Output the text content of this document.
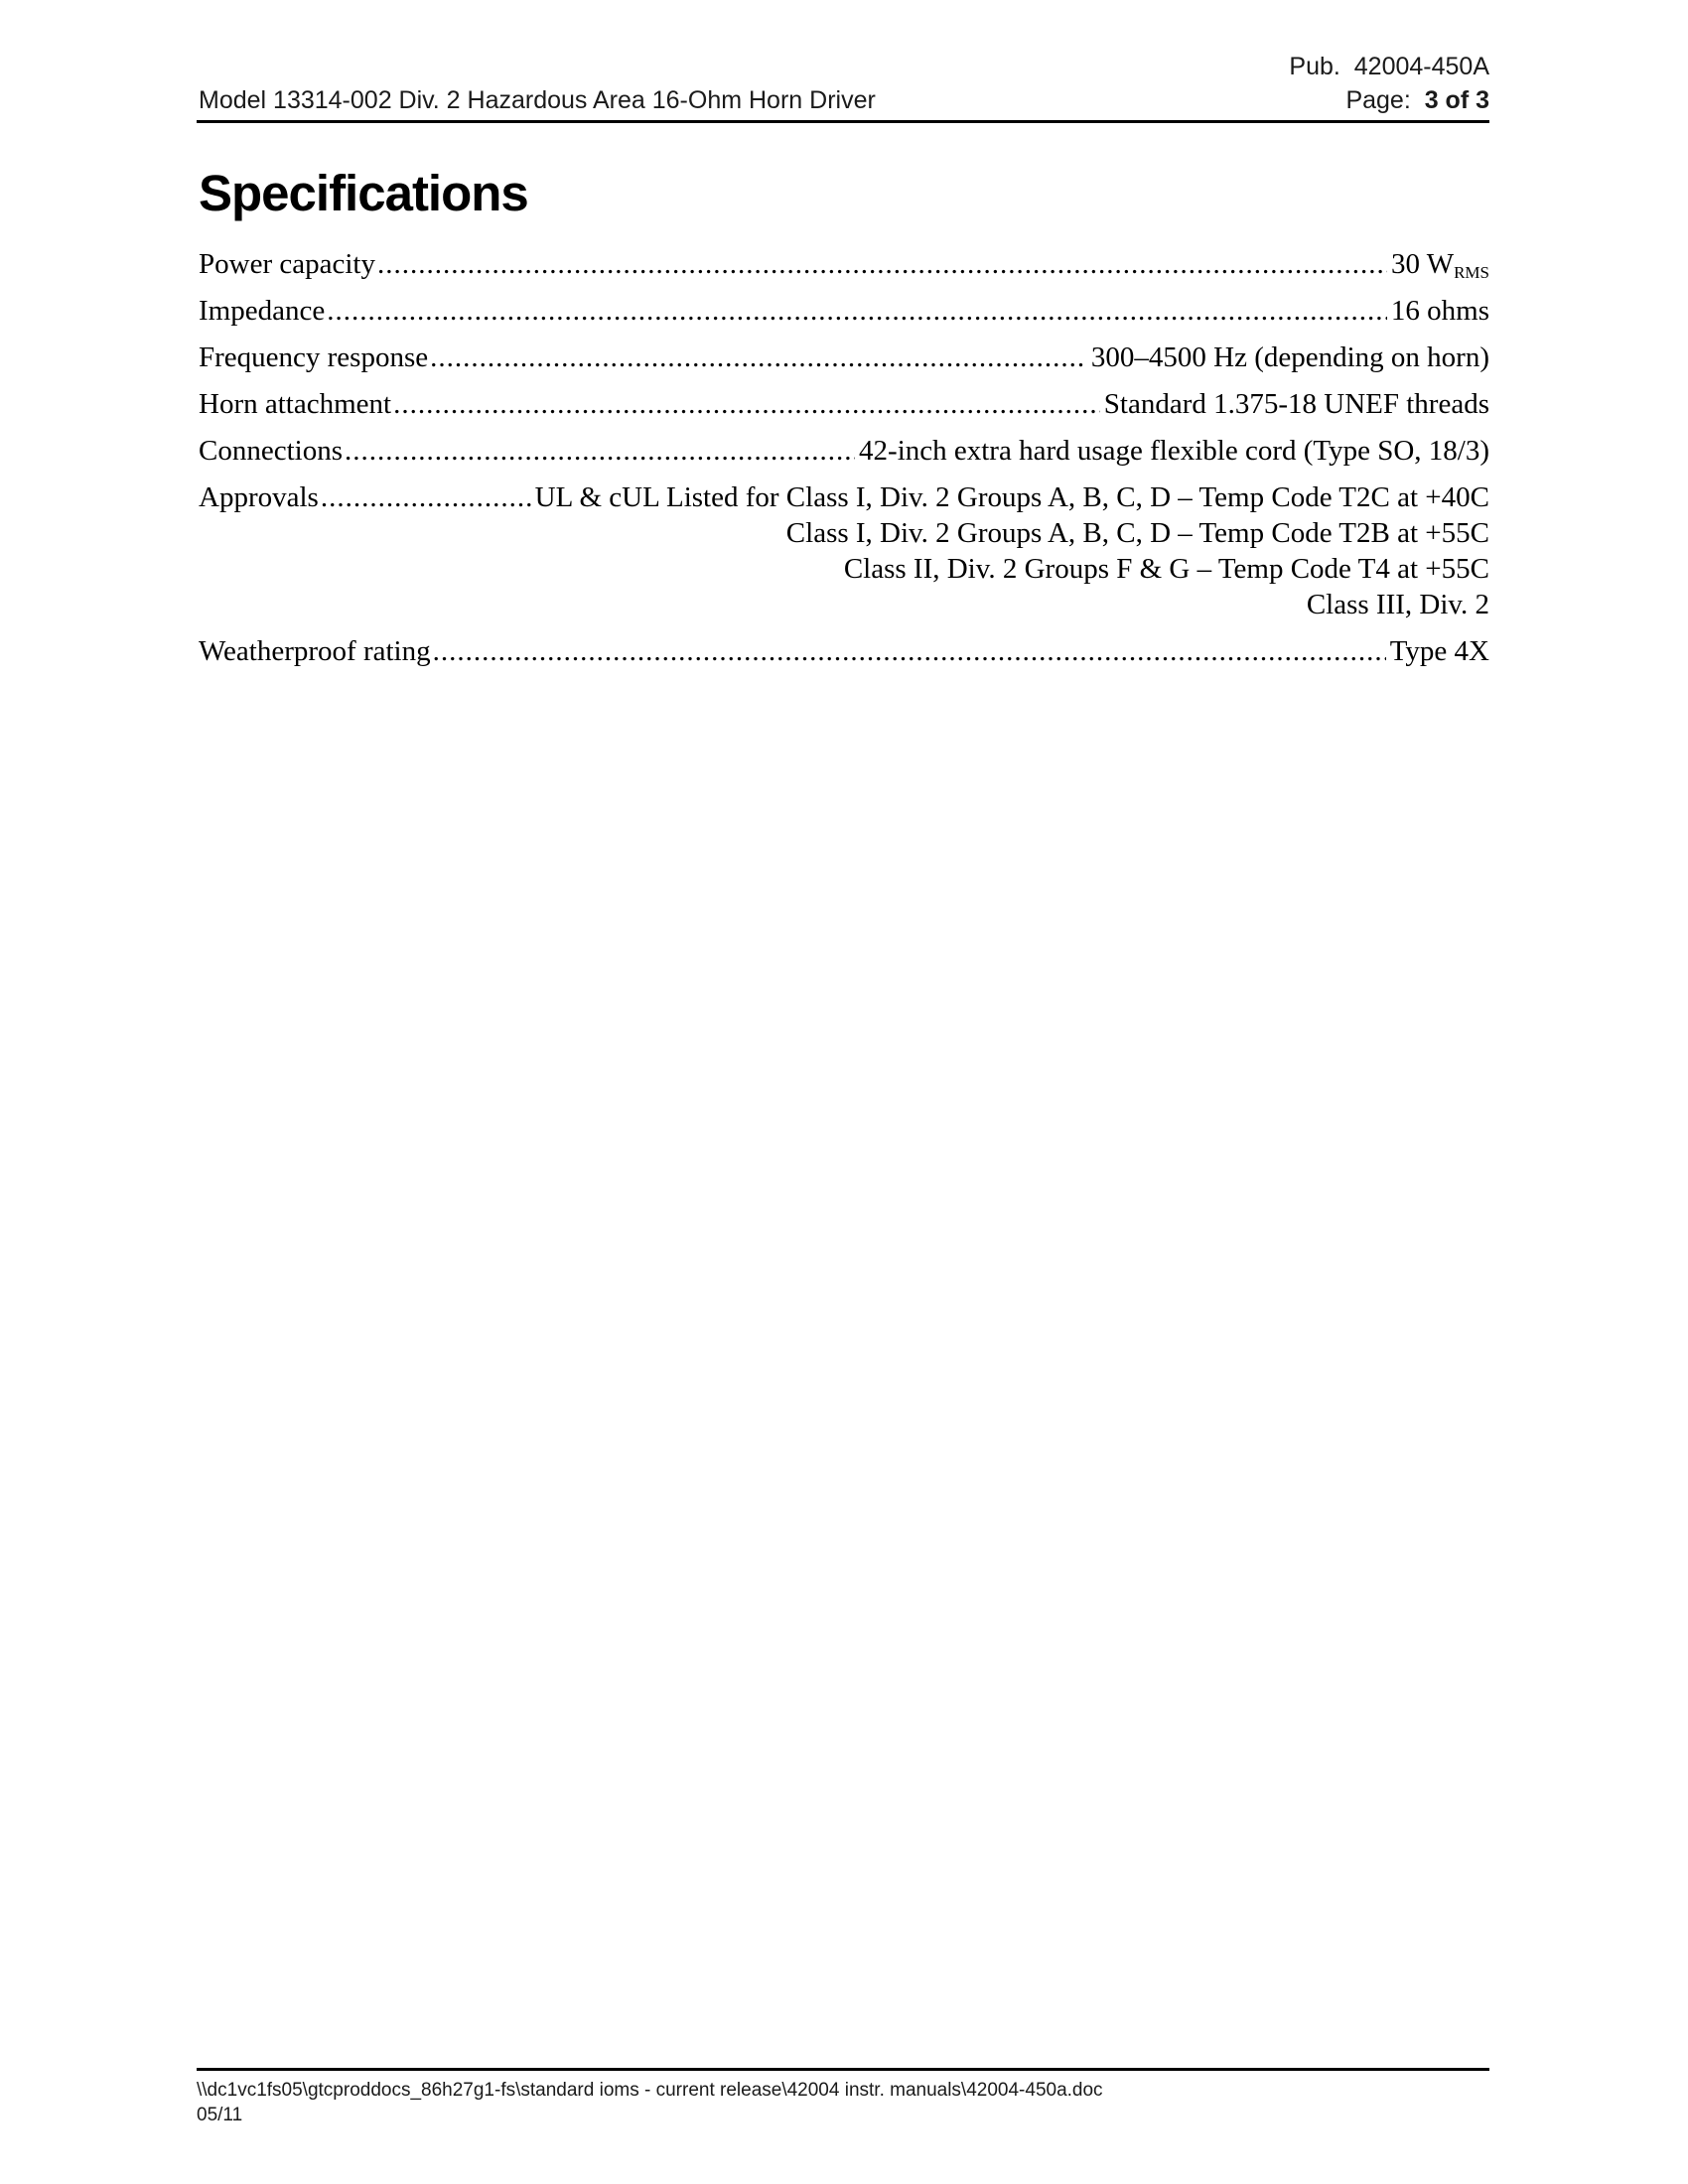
Pub. 42004-450A
Page: 3 of 3
Model 13314-002 Div. 2 Hazardous Area 16-Ohm Horn Driver
Specifications
Power capacity .....	30 $W_{RMS}$
Impedance .....	16 ohms
Frequency response .....	300–4500 Hz (depending on horn)
Horn attachment .....	Standard 1.375-18 UNEF threads
Connections .....	42-inch extra hard usage flexible cord (Type SO, 18/3)
Approvals .....	UL & cUL Listed for Class I, Div. 2 Groups A, B, C, D – Temp Code T2C at +40C
Class I, Div. 2 Groups A, B, C, D – Temp Code T2B at +55C
Class II, Div. 2 Groups F & G – Temp Code T4 at +55C
Class III, Div. 2
Weatherproof rating .....	Type 4X
\\dc1vc1fs05\gtcproddocs_86h27g1-fs\standard ioms - current release\42004 instr. manuals\42004-450a.doc
05/11
